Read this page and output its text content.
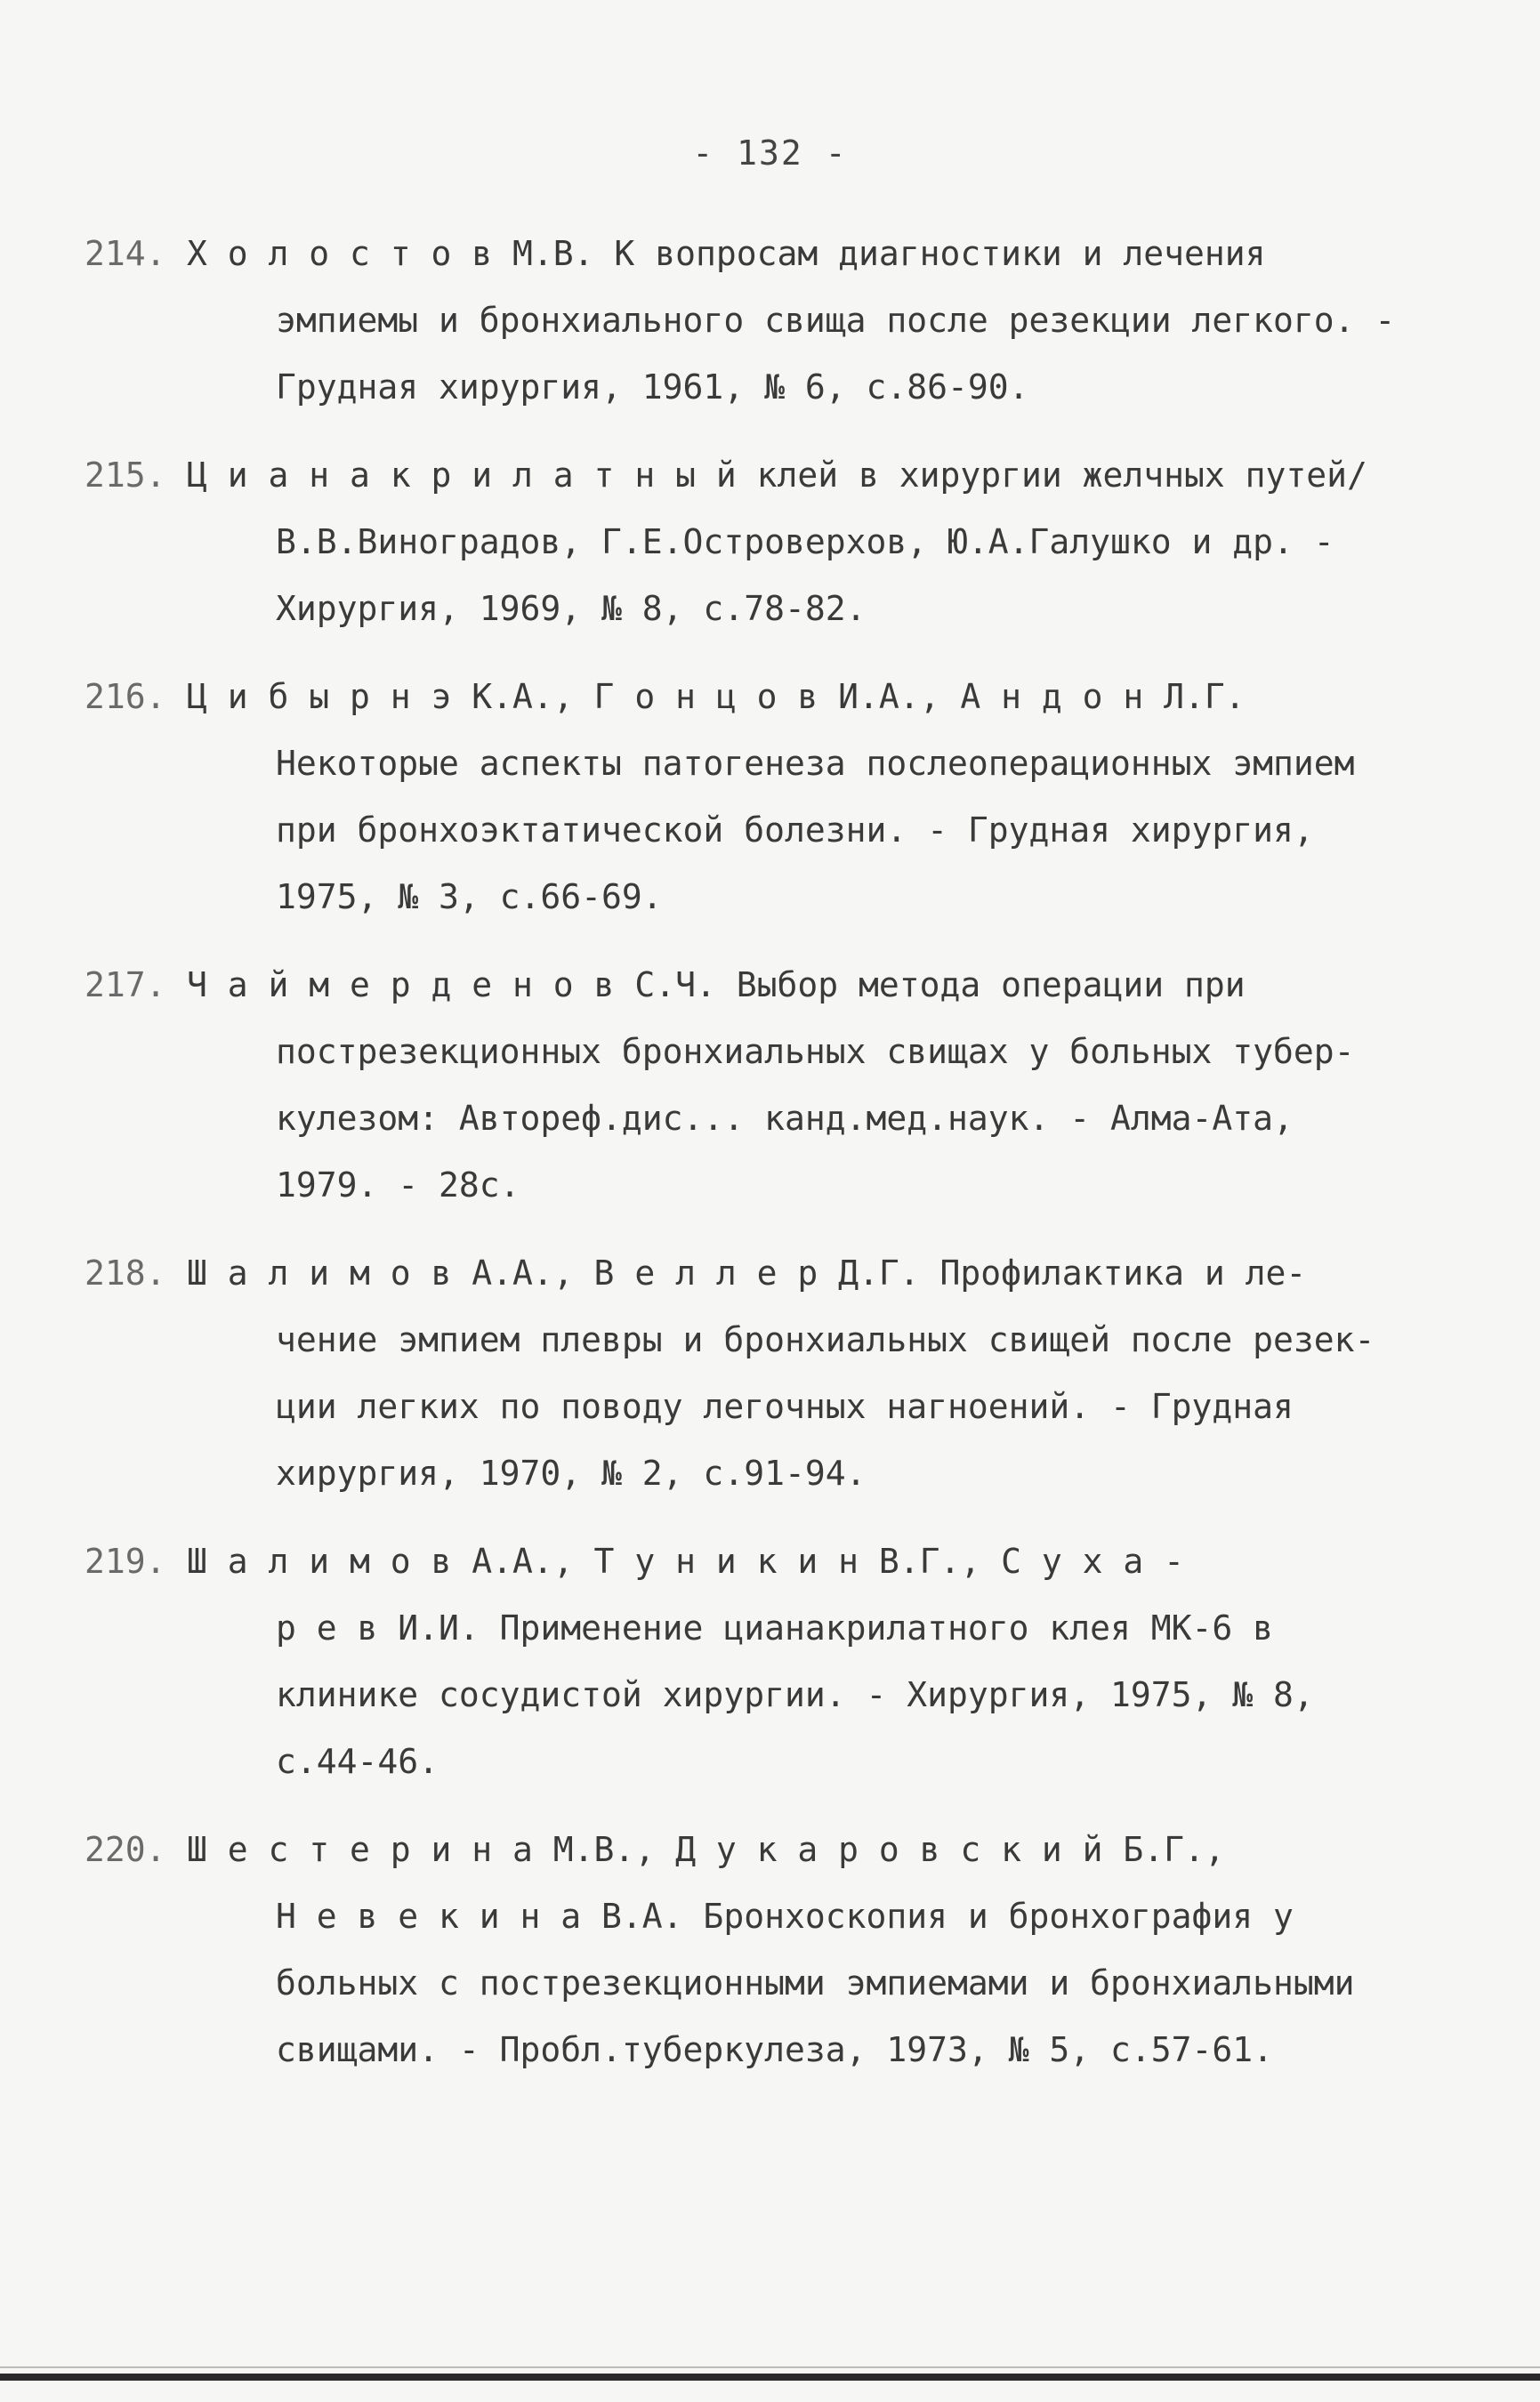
- 132 -
214. Х о л о с т о в М.В. К вопросам диагностики и лечения
эмпиемы и бронхиального свища после резекции легкого. -
Грудная хирургия, 1961, № 6, с.86-90.
215. Ц и а н а к р и л а т н ы й клей в хирургии желчных путей/
В.В.Виноградов, Г.Е.Островерхов, Ю.А.Галушко и др. -
Хирургия, 1969, № 8, с.78-82.
216. Ц и б ы р н э К.А., Г о н ц о в И.А., А н д о н Л.Г.
Некоторые аспекты патогенеза послеоперационных эмпием
при бронхоэктатической болезни. - Грудная хирургия,
1975, № 3, с.66-69.
217. Ч а й м е р д е н о в С.Ч. Выбор метода операции при
пострезекционных бронхиальных свищах у больных тубер-
кулезом: Автореф.дис... канд.мед.наук. - Алма-Ата,
1979. - 28с.
218. Ш а л и м о в А.А., В е л л е р Д.Г. Профилактика и ле-
чение эмпием плевры и бронхиальных свищей после резек-
ции легких по поводу легочных нагноений. - Грудная
хирургия, 1970, № 2, с.91-94.
219. Ш а л и м о в А.А., Т у н и к и н В.Г., С у х а -
р е в И.И. Применение цианакрилатного клея МК-6 в
клинике сосудистой хирургии. - Хирургия, 1975, № 8,
с.44-46.
220. Ш е с т е р и н а М.В., Д у к а р о в с к и й Б.Г.,
Н е в е к и н а В.А. Бронхоскопия и бронхография у
больных с пострезекционными эмпиемами и бронхиальными
свищами. - Пробл.туберкулеза, 1973, № 5, с.57-61.
